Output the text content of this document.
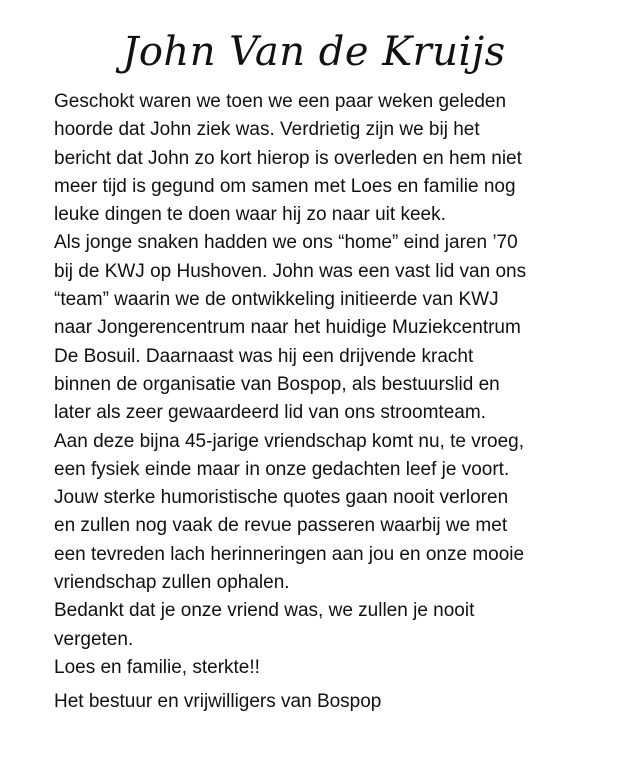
John Van de Kruijs
Geschokt waren we toen we een paar weken geleden
hoorde dat John ziek was. Verdrietig zijn we bij het
bericht dat John zo kort hierop is overleden en hem niet
meer tijd is gegund om samen met Loes en familie nog
leuke dingen te doen waar hij zo naar uit keek.
Als jonge snaken hadden we ons “home” eind jaren ’70
bij de KWJ op Hushoven. John was een vast lid van ons
“team” waarin we de ontwikkeling initieerde van KWJ
naar Jongerencentrum naar het huidige Muziekcentrum
De Bosuil. Daarnaast was hij een drijvende kracht
binnen de organisatie van Bospop, als bestuurslid en
later als zeer gewaardeerd lid van ons stroomteam.
Aan deze bijna 45-jarige vriendschap komt nu, te vroeg,
een fysiek einde maar in onze gedachten leef je voort.
Jouw sterke humoristische quotes gaan nooit verloren
en zullen nog vaak de revue passeren waarbij we met
een tevreden lach herinneringen aan jou en onze mooie
vriendschap zullen ophalen.
Bedankt dat je onze vriend was, we zullen je nooit
vergeten.
Loes en familie, sterkte!!
Het bestuur en vrijwilligers van Bospop
